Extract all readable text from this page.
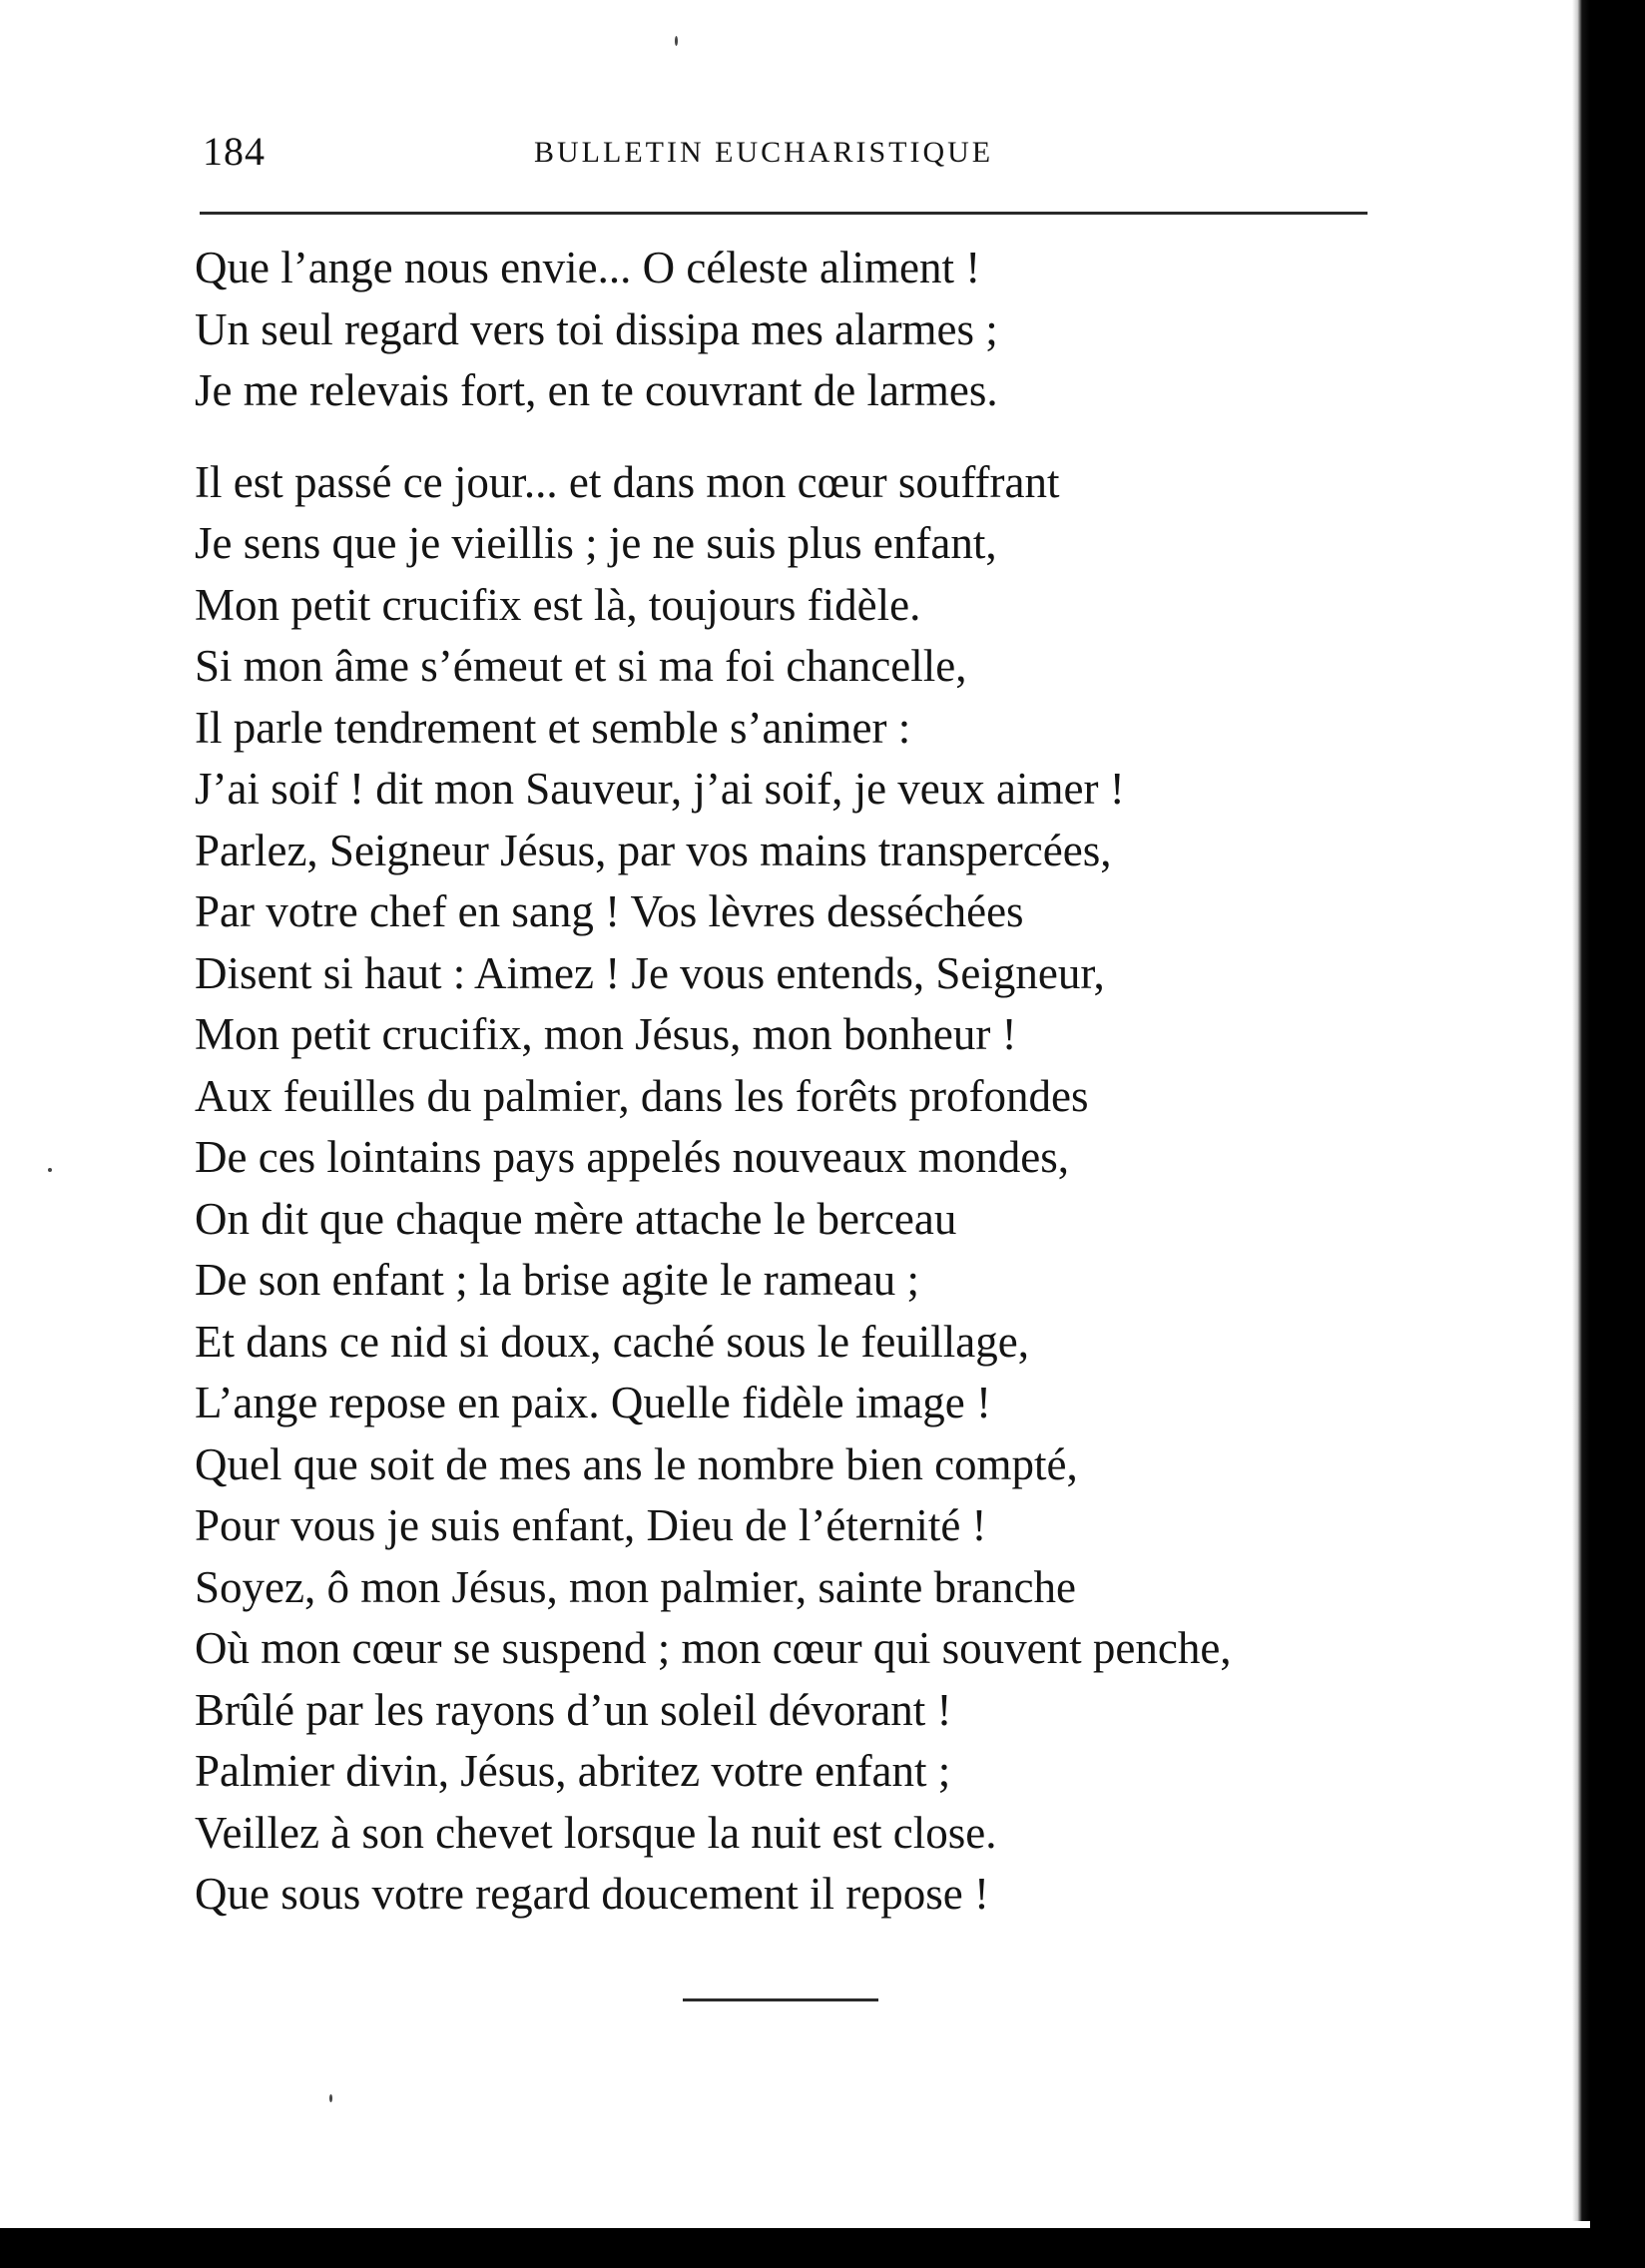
184	BULLETIN EUCHARISTIQUE
Que l’ange nous envie... O céleste aliment !
Un seul regard vers toi dissipa mes alarmes ;
Je me relevais fort, en te couvrant de larmes.
Il est passé ce jour... et dans mon cœur souffrant
Je sens que je vieillis ; je ne suis plus enfant,
Mon petit crucifix est là, toujours fidèle.
Si mon âme s’émeut et si ma foi chancelle,
Il parle tendrement et semble s’animer :
J’ai soif ! dit mon Sauveur, j’ai soif, je veux aimer !
Parlez, Seigneur Jésus, par vos mains transpercées,
Par votre chef en sang ! Vos lèvres desséchées
Disent si haut : Aimez ! Je vous entends, Seigneur,
Mon petit crucifix, mon Jésus, mon bonheur !
Aux feuilles du palmier, dans les forêts profondes
De ces lointains pays appelés nouveaux mondes,
On dit que chaque mère attache le berceau
De son enfant ; la brise agite le rameau ;
Et dans ce nid si doux, caché sous le feuillage,
L’ange repose en paix. Quelle fidèle image !
Quel que soit de mes ans le nombre bien compté,
Pour vous je suis enfant, Dieu de l’éternité !
Soyez, ô mon Jésus, mon palmier, sainte branche
Où mon cœur se suspend ; mon cœur qui souvent penche,
Brûlé par les rayons d’un soleil dévorant !
Palmier divin, Jésus, abritez votre enfant ;
Veillez à son chevet lorsque la nuit est close.
Que sous votre regard doucement il repose !
